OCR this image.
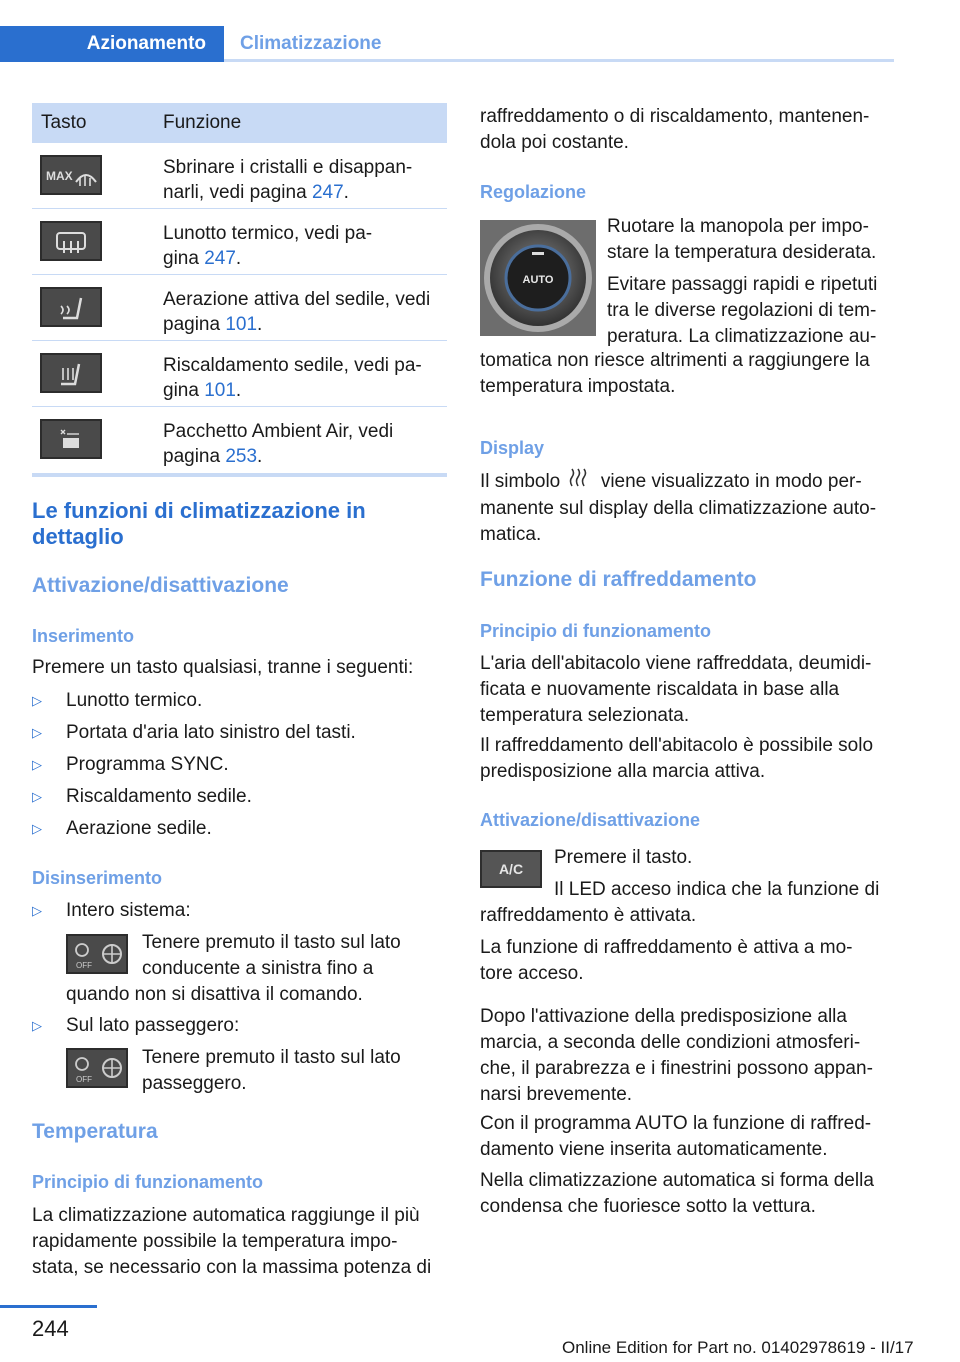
Azionamento	Climatizzazione
Tasto	Funzione
MAX	Sbrinare i cristalli e disappan-
narli, vedi pagina 247.
Lunotto termico, vedi pa-
gina 247.
Aerazione attiva del sedile, vedi
pagina 101.
Riscaldamento sedile, vedi pa-
gina 101.
Pacchetto Ambient Air, vedi
pagina 253.
Le funzioni di climatizzazione in
dettaglio
Attivazione/disattivazione
Inserimento
Premere un tasto qualsiasi, tranne i seguenti:
▷ Lunotto termico.
▷ Portata d'aria lato sinistro del tasti.
▷ Programma SYNC.
▷ Riscaldamento sedile.
▷ Aerazione sedile.
Disinserimento
▷ Intero sistema:
OFF
Tenere premuto il tasto sul lato
conducente a sinistra fino a
quando non si disattiva il comando.
▷ Sul lato passeggero:
OFF
Tenere premuto il tasto sul lato
passeggero.
Temperatura
Principio di funzionamento
La climatizzazione automatica raggiunge il più
rapidamente possibile la temperatura impo-
stata, se necessario con la massima potenza di
raffreddamento o di riscaldamento, mantenen-
dola poi costante.
Regolazione
AUTO
Ruotare la manopola per impo-
stare la temperatura desiderata.
Evitare passaggi rapidi e ripetuti
tra le diverse regolazioni di tem-
peratura. La climatizzazione au-
tomatica non riesce altrimenti a raggiungere la
temperatura impostata.
Display
Il simbolo viene visualizzato in modo per-
manente sul display della climatizzazione auto-
matica.
Funzione di raffreddamento
Principio di funzionamento
L'aria dell'abitacolo viene raffreddata, deumidi-
ficata e nuovamente riscaldata in base alla
temperatura selezionata.
Il raffreddamento dell'abitacolo è possibile solo
predisposizione alla marcia attiva.
Attivazione/disattivazione
A/C
Premere il tasto.

Il LED acceso indica che la funzione di
raffreddamento è attivata.
La funzione di raffreddamento è attiva a mo-
tore acceso.
Dopo l'attivazione della predisposizione alla
marcia, a seconda delle condizioni atmosferi-
che, il parabrezza e i finestrini possono appan-
narsi brevemente.
Con il programma AUTO la funzione di raffred-
damento viene inserita automaticamente.
Nella climatizzazione automatica si forma della
condensa che fuoriesce sotto la vettura.
244
Online Edition for Part no. 01402978619 - II/17
